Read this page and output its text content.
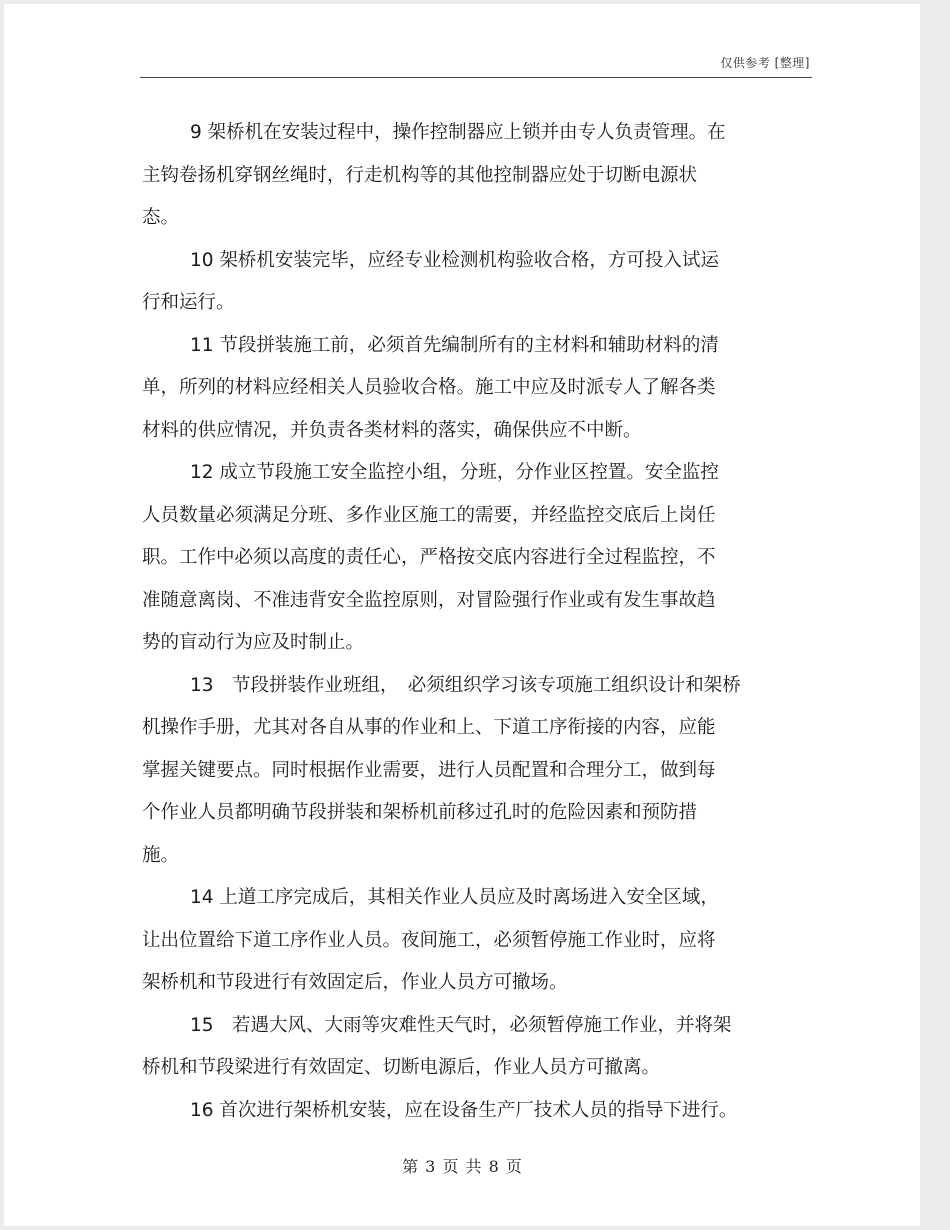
仅供参考 [整理]

9 架桥机在安装过程中，操作控制器应上锁并由专人负责管理。在
主钩卷扬机穿钢丝绳时，行走机构等的其他控制器应处于切断电源状
态。

10 架桥机安装完毕，应经专业检测机构验收合格，方可投入试运
行和运行。

11 节段拼装施工前，必须首先编制所有的主材料和辅助材料的清
单，所列的材料应经相关人员验收合格。施工中应及时派专人了解各类
材料的供应情况，并负责各类材料的落实，确保供应不中断。

12 成立节段施工安全监控小组，分班，分作业区控置。安全监控
人员数量必须满足分班、多作业区施工的需要，并经监控交底后上岗任
职。工作中必须以高度的责任心，严格按交底内容进行全过程监控，不
准随意离岗、不准违背安全监控原则，对冒险强行作业或有发生事故趋
势的盲动行为应及时制止。

13　节段拼装作业班组，　必须组织学习该专项施工组织设计和架桥
机操作手册，尤其对各自从事的作业和上、下道工序衔接的内容，应能
掌握关键要点。同时根据作业需要，进行人员配置和合理分工，做到每
个作业人员都明确节段拼装和架桥机前移过孔时的危险因素和预防措
施。

14 上道工序完成后，其相关作业人员应及时离场进入安全区域，
让出位置给下道工序作业人员。夜间施工，必须暂停施工作业时，应将
架桥机和节段进行有效固定后，作业人员方可撤场。

15　若遇大风、大雨等灾难性天气时，必须暂停施工作业，并将架
桥机和节段梁进行有效固定、切断电源后，作业人员方可撤离。

16 首次进行架桥机安装，应在设备生产厂技术人员的指导下进行。

第 3 页 共 8 页
